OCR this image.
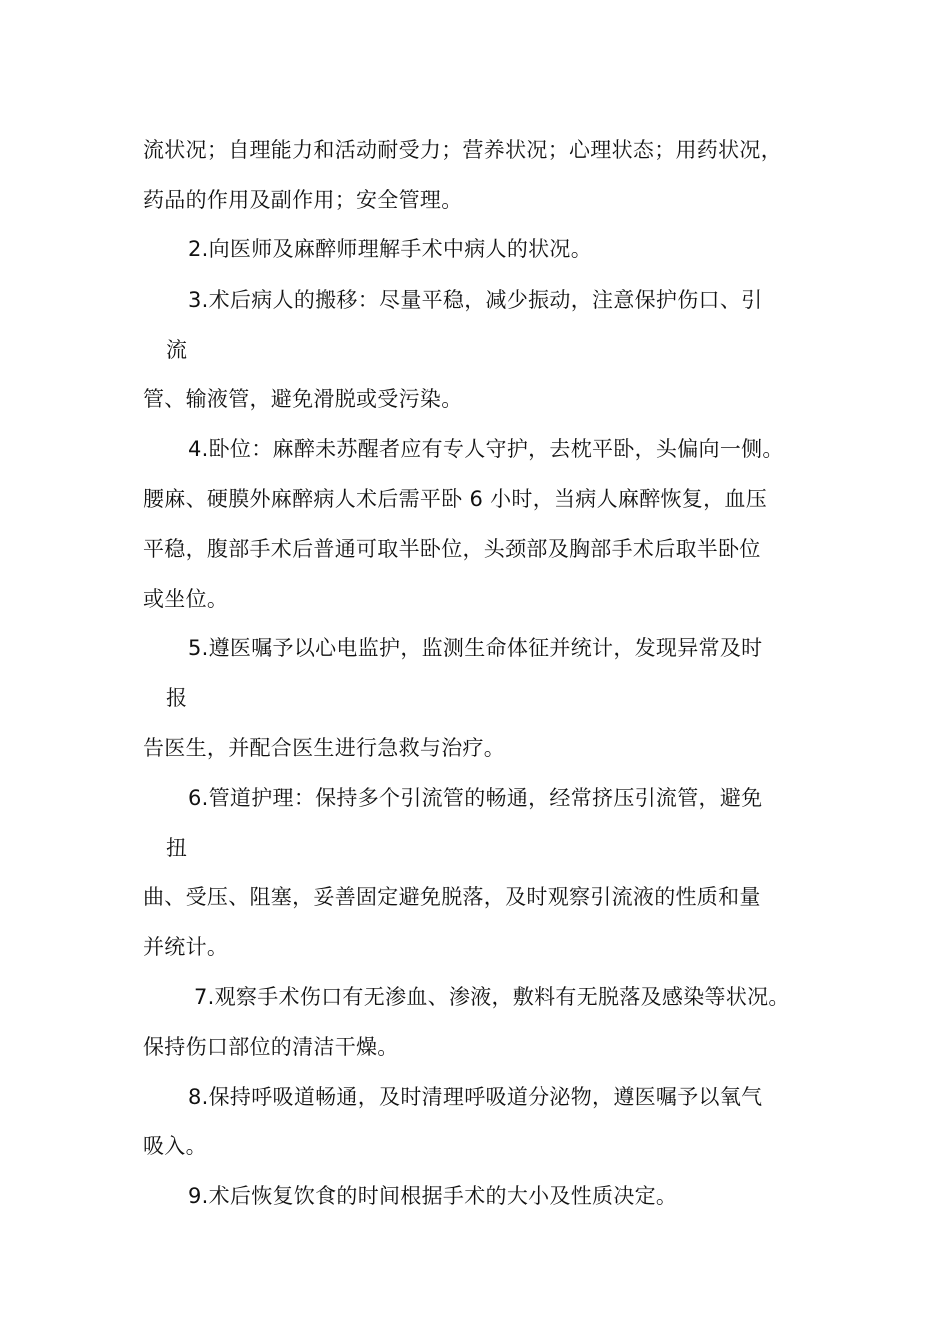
流状况；自理能力和活动耐受力；营养状况；心理状态；用药状况，
药品的作用及副作用；安全管理。
2.向医师及麻醉师理解手术中病人的状况。
3.术后病人的搬移：尽量平稳，减少振动，注意保护伤口、引
流
管、输液管，避免滑脱或受污染。
4.卧位：麻醉未苏醒者应有专人守护，去枕平卧，头偏向一侧。
腰麻、硬膜外麻醉病人术后需平卧 6 小时，当病人麻醉恢复，血压
平稳，腹部手术后普通可取半卧位，头颈部及胸部手术后取半卧位
或坐位。
5.遵医嘱予以心电监护，监测生命体征并统计，发现异常及时
报
告医生，并配合医生进行急救与治疗。
6.管道护理：保持多个引流管的畅通，经常挤压引流管，避免
扭
曲、受压、阻塞，妥善固定避免脱落，及时观察引流液的性质和量
并统计。
7.观察手术伤口有无渗血、渗液，敷料有无脱落及感染等状况。
保持伤口部位的清洁干燥。
8.保持呼吸道畅通，及时清理呼吸道分泌物，遵医嘱予以氧气
吸入。
9.术后恢复饮食的时间根据手术的大小及性质决定。
